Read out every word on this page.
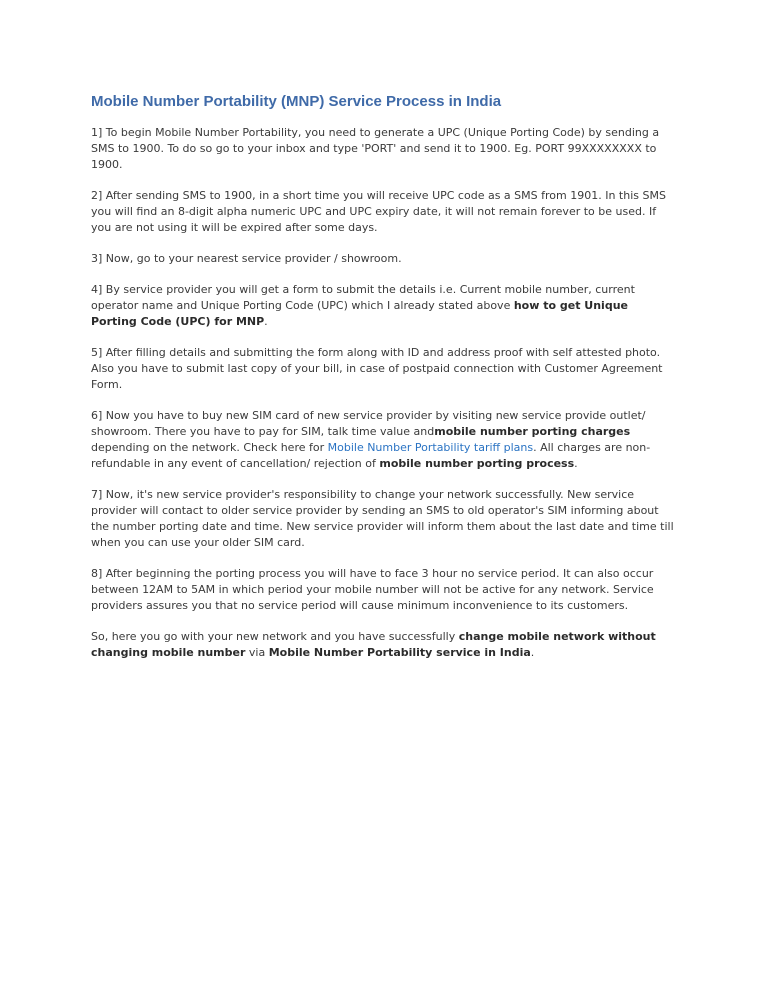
Mobile Number Portability (MNP) Service Process in India

1] To begin Mobile Number Portability, you need to generate a UPC (Unique Porting Code) by sending a SMS to 1900. To do so go to your inbox and type 'PORT' and send it to 1900. Eg. PORT 99XXXXXXXX to 1900.

2] After sending SMS to 1900, in a short time you will receive UPC code as a SMS from 1901. In this SMS you will find an 8-digit alpha numeric UPC and UPC expiry date, it will not remain forever to be used. If you are not using it will be expired after some days.

3] Now, go to your nearest service provider / showroom.

4] By service provider you will get a form to submit the details i.e. Current mobile number, current operator name and Unique Porting Code (UPC) which I already stated above how to get Unique Porting Code (UPC) for MNP.

5] After filling details and submitting the form along with ID and address proof with self attested photo. Also you have to submit last copy of your bill, in case of postpaid connection with Customer Agreement Form.

6] Now you have to buy new SIM card of new service provider by visiting new service provide outlet/ showroom. There you have to pay for SIM, talk time value andmobile number porting charges depending on the network. Check here for Mobile Number Portability tariff plans. All charges are non-refundable in any event of cancellation/ rejection of mobile number porting process.

7] Now, it's new service provider's responsibility to change your network successfully. New service provider will contact to older service provider by sending an SMS to old operator's SIM informing about the number porting date and time. New service provider will inform them about the last date and time till when you can use your older SIM card.

8] After beginning the porting process you will have to face 3 hour no service period. It can also occur between 12AM to 5AM in which period your mobile number will not be active for any network. Service providers assures you that no service period will cause minimum inconvenience to its customers.

So, here you go with your new network and you have successfully change mobile network without changing mobile number via Mobile Number Portability service in India.
